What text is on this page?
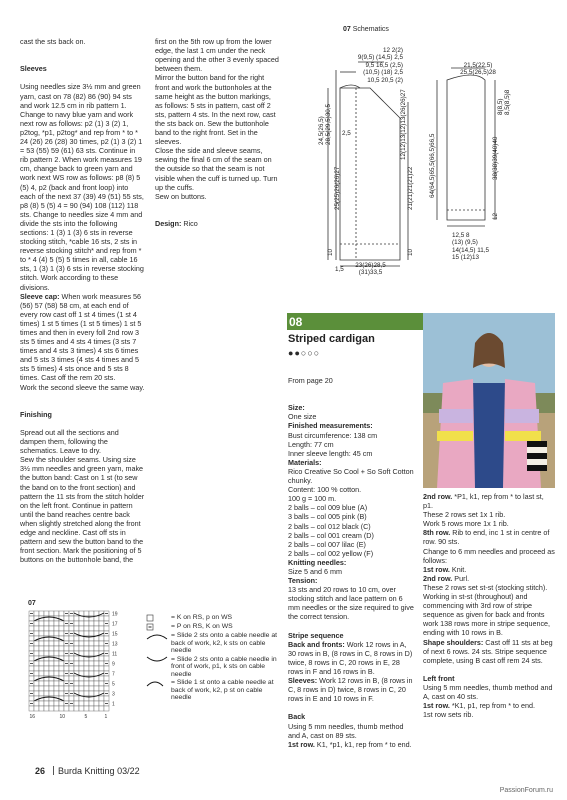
cast the sts back on.

Sleeves

Using needles size 3½ mm and green yarn, cast on 78 (82) 86 (90) 94 sts and work 12.5 cm in rib pattern 1. Change to navy blue yarn and work next row as follows: p2 (1) 3 (2) 1, p2tog, *p1, p2tog* and rep from * to * 24 (26) 26 (28) 30 times, p2 (1) 3 (2) 1 = 53 (55) 59 (61) 63 sts. Continue in rib pattern 2. When work measures 19 cm, change back to green yarn and work next WS row as follows: p8 (8) 5 (5) 4, p2 (back and front loop) into each of the next 37 (39) 49 (51) 55 sts, p8 (8) 5 (5) 4 = 90 (94) 108 (112) 118 sts. Change to needles size 4 mm and divide the sts into the following sections: 1 (3) 1 (3) 6 sts in reverse stocking stitch, *cable 16 sts, 2 sts in reverse stocking stitch* and rep from * to * 4 (4) 5 (5) 5 times in all, cable 16 sts, 1 (3) 1 (3) 6 sts in reverse stocking stitch. Work according to these divisions.
Sleeve cap: When work measures 56 (56) 57 (58) 58 cm, at each end of every row cast off 1 st 4 times (1 st 4 times) 1 st 5 times (1 st 5 times) 1 st 5 times and then in every foll 2nd row 3 sts 5 times and 4 sts 4 times (3 sts 7 times and 4 sts 3 times) 4 sts 6 times and 5 sts 3 times (4 sts 4 times and 5 sts 5 times) 4 sts once and 5 sts 8 times. Cast off the rem 20 sts.
Work the second sleeve the same way.

Finishing

Spread out all the sections and dampen them, following the schematics. Leave to dry.
Sew the shoulder seams. Using size 3½ mm needles and green yarn, make the button band: Cast on 1 st (to sew the band on to the front section) and pattern the 11 sts from the stitch holder on the left front. Continue in pattern until the band reaches centre back when slightly stretched along the front edge and neckline. Cast off sts in pattern and sew the button band to the front section. Mark the positioning of 5 buttons on the buttonhole band, the

first on the 5th row up from the lower edge, the last 1 cm under the neck opening and the other 3 evenly spaced between them.
Mirror the button band for the right front and work the buttonholes at the same height as the button markings, as follows: 5 sts in pattern, cast off 2 sts, pattern 4 sts. In the next row, cast the sts back on. Sew the buttonhole band to the right front. Set in the sleeves.
Close the side and sleeve seams, sewing the final 6 cm of the seam on the outside so that the seam is not visible when the cuff is turned up. Turn up the cuffs.
Sew on buttons.

Design: Rico

07 Schematics
12 2(2)
9(9,5) (14,5) 2,5
9,5 16,5 (2,5)
(10,5) (18) 2,5
10,5 20,5 (2)
25(25)26(26)27
24,5(26,5)
28,5(29,5)30,5
21(21)21(21)22
12(12)13(12)13(26(26)27
2,5
10	10
23(26)28,5
(31)33,5
1,5
21,5(22,5)
25,5(26,5)28
64(64,5)65,5(66,5)66,5	38(38)39(40)40
8(8,5)
8,5(8,5)8
12
12,5 8
(13) (9,5)
14(14,5) 11,5
15 (12)13
08
Striped cardigan
●●○○○

From page 20

Size:
One size
Finished measurements:
Bust circumference: 138 cm
Length: 77 cm
Inner sleeve length: 45 cm
Materials:
Rico Creative So Cool + So Soft Cotton chunky.
Content: 100 % cotton.
100 g = 100 m.
2 balls – col 009 blue (A)
3 balls – col 005 pink (B)
2 balls – col 012 black (C)
2 balls – col 001 cream (D)
2 balls – col 007 lilac (E)
2 balls – col 002 yellow (F)
Knitting needles:
Size 5 and 6 mm
Tension:
13 sts and 20 rows to 10 cm, over stocking stitch and lace pattern on 6 mm needles or the size required to give the correct tension.

Stripe sequence
Back and fronts: Work 12 rows in A, 30 rows in B, (8 rows in C, 8 rows in D) twice, 8 rows in C, 20 rows in E, 28 rows in F and 16 rows in B.
Sleeves: Work 12 rows in B, (8 rows in C, 8 rows in D) twice, 8 rows in C, 20 rows in E and 10 rows in F.

Back
Using 5 mm needles, thumb method and A, cast on 89 sts.
1st row. K1, *p1, k1, rep from * to end.

2nd row. *P1, k1, rep from * to last st, p1.
These 2 rows set 1x 1 rib.
Work 5 rows more 1x 1 rib.
8th row. Rib to end, inc 1 st in centre of row. 90 sts.
Change to 6 mm needles and proceed as follows:
1st row. Knit.
2nd row. Purl.
These 2 rows set st-st (stocking stitch).
Working in st-st (throughout) and commencing with 3rd row of stripe sequence as given for back and fronts work 138 rows more in stripe sequence, ending with 10 rows in B.
Shape shoulders: Cast off 11 sts at beg of next 6 rows. 24 sts. Stripe sequence complete, using B cast off rem 24 sts.

Left front
Using 5 mm needles, thumb method and A, cast on 40 sts.
1st row. *K1, p1, rep from * to end.
1st row sets rib.
07
19
17
15
13
11
9
7
5
3
1
16	10	5	1
= K on RS, p on WS
= P on RS, K on WS
= Slide 2 sts onto a cable needle at back of work, k2, k sts on cable needle
= Slide 2 sts onto a cable needle in front of work, p1, k sts on cable needle
= Slide 1 st onto a cable needle at back of work, k2, p st on cable needle
26 Burda Knitting 03/22
PassionForum.ru
